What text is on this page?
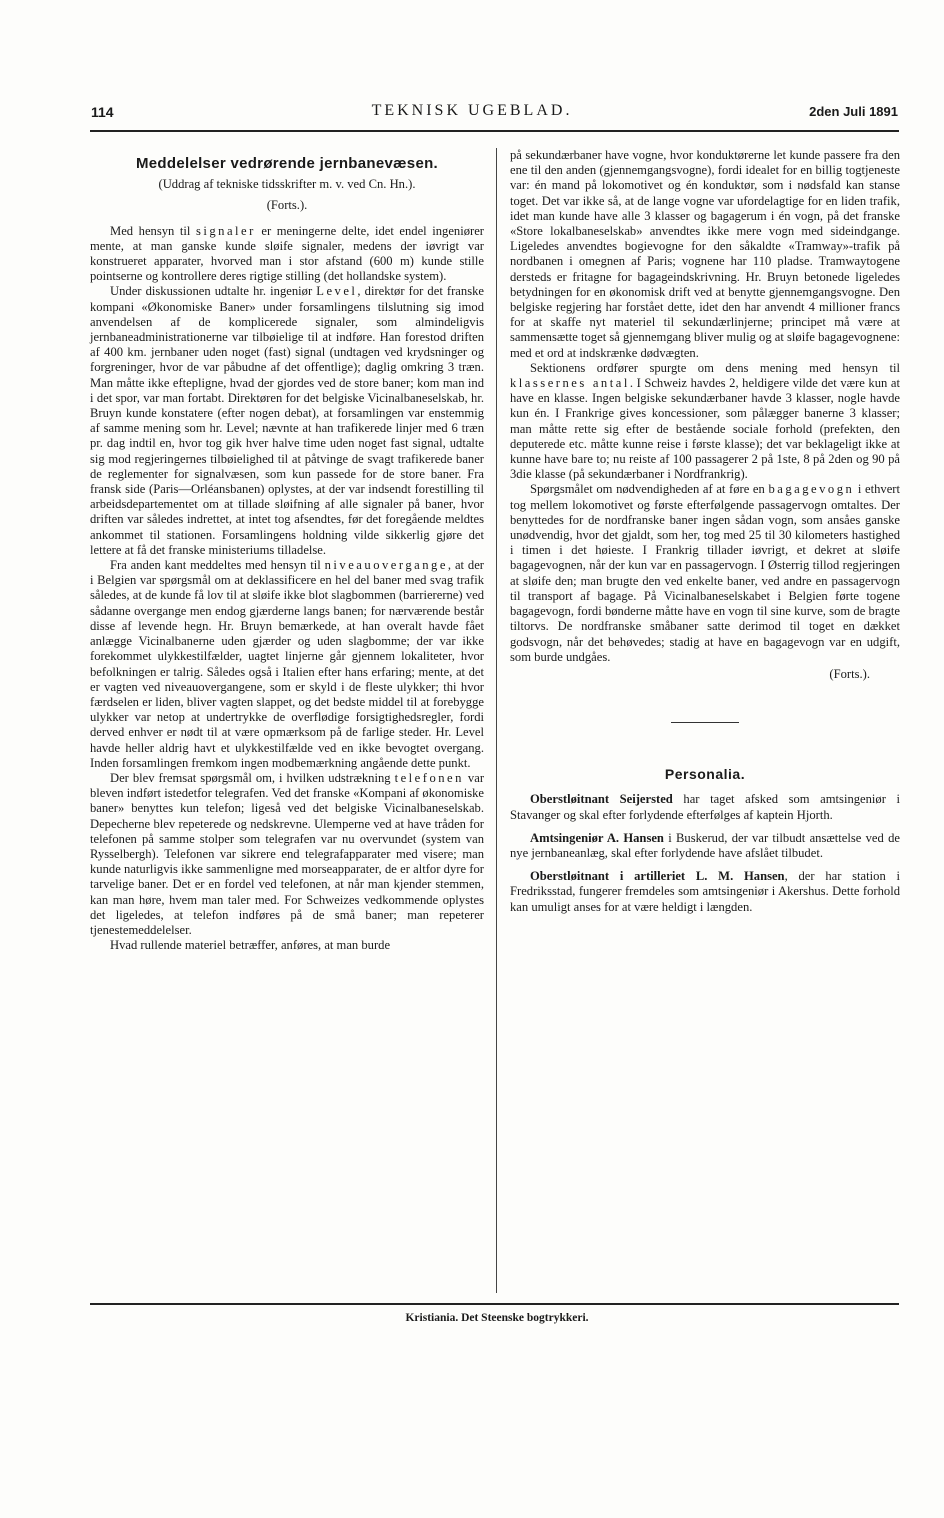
114	TEKNISK UGEBLAD.	2den Juli 1891
Meddelelser vedrørende jernbanevæsen.
(Uddrag af tekniske tidsskrifter m. v. ved Cn. Hn.).
(Forts.).

Med hensyn til signaler er meningerne delte, idet endel ingeniører mente, at man ganske kunde sløife signaler, medens der iøvrigt var konstrueret apparater, hvorved man i stor afstand (600 m) kunde stille pointserne og kontrollere deres rigtige stilling (det hollandske system).

Under diskussionen udtalte hr. ingeniør Level, direktør for det franske kompani «Økonomiske Baner» under forsamlingens tilslutning sig imod anvendelsen af de komplicerede signaler, som almindeligvis jernbaneadministrationerne var tilbøielige til at indføre. Han forestod driften af 400 km. jernbaner uden noget (fast) signal (undtagen ved krydsninger og forgreninger, hvor de var påbudne af det offentlige); daglig omkring 3 træn. Man måtte ikke eftерligne, hvad der gjordes ved de store baner; kom man ind i det spor, var man fortabt. Direktøren for det belgiske Vicinalbaneselskab, hr. Bruyn kunde konstatere (efter nogen debat), at forsamlingen var enstemmig af samme mening som hr. Level; nævnte at han trafikerede linjer med 6 træn pr. dag indtil en, hvor tog gik hver halve time uden noget fast signal, udtalte sig mod regjeringernes tilbøielighed til at påtvinge de svagt trafikerede baner de reglementer for signalvæsen, som kun passede for de store baner. Fra fransk side (Paris—Orléansbanen) oplystes, at der var indsendt forestilling til arbeidsdepartementet om at tillade sløifning af alle signaler på baner, hvor driften var således indrettet, at intet tog afsendtes, før det foregående meldtes ankommet til stationen. Forsamlingens holdning vilde sikkerlig gjøre det lettere at få det franske ministeriums tilladelse.

Fra anden kant meddeltes med hensyn til niveauovergange, at der i Belgien var spørgsmål om at deklassificere en hel del baner med svag trafik således, at de kunde få lov til at sløife ikke blot slagbommen (barriererne) ved sådanne overgange men endog gjærderne langs banen; for nærværende består disse af levende hegn. Hr. Bruyn bemærkede, at han overalt havde fået anlægge Vicinalbanerne uden gjærder og uden slagbomme; der var ikke forekommet ulykkestilfælder, uagtet linjerne går gjennem lokaliteter, hvor befolkningen er talrig. Således også i Italien efter hans erfaring; mente, at det er vagten ved niveauovergangene, som er skyld i de fleste ulykker; thi hvor færdselen er liden, bliver vagten slappet, og det bedste middel til at forebygge ulykker var netop at undertrykke de overflødige forsigtighedsregler, fordi derved enhver er nødt til at være opmærksom på de farlige steder. Hr. Level havde heller aldrig havt et ulykkestilfælde ved en ikke bevogtet overgang. Inden forsamlingen fremkom ingen modbemærkning angående dette punkt.

Der blev fremsat spørgsmål om, i hvilken udstrækning telefonen var bleven indført istedetfor telegrafen. Ved det franske «Kompani af økonomiske baner» benyttes kun telefon; ligeså ved det belgiske Vicinalbaneselskab. Depecherne blev repeterede og nedskrevne. Ulemperne ved at have tråden for telefonen på samme stolper som telegrafen var nu overvundet (system van Rysselbergh). Telefonen var sikrere end telegrafapparater med visere; man kunde naturligvis ikke sammenligne med morseapparater, de er altfor dyre for tarvelige baner. Det er en fordel ved telefonen, at når man kjender stemmen, kan man høre, hvem man taler med. For Schweizes vedkommende oplystes det ligeledes, at telefon indføres på de små baner; man repeterer tjenestemeddelelser.

Hvad rullende materiel betræffer, anføres, at man burde

på sekundærbaner have vogne, hvor konduktørerne let kunde passere fra den ene til den anden (gjennemgangsvogne), fordi idealet for en billig togtjeneste var: én mand på lokomotivet og én konduktør, som i nødsfald kan stanse toget. Det var ikke så, at de lange vogne var ufordelagtige for en liden trafik, idet man kunde have alle 3 klasser og bagagerum i én vogn, på det franske «Store lokalbaneselskab» anvendtes ikke mere vogn med sideindgange. Ligeledes anvendtes bogievogne for den såkaldte «Tramway»-trafik på nordbanen i omegnen af Paris; vognene har 110 pladse. Tramwaytogene dersteds er fritagne for bagageindskrivning. Hr. Bruyn betonede ligeledes betydningen for en økonomisk drift ved at benytte gjennemgangsvogne. Den belgiske regjering har forstået dette, idet den har anvendt 4 millioner francs for at skaffe nyt materiel til sekundærlinjerne; principet må være at sammensætte toget så gjennemgang bliver mulig og at sløife bagagevognene: med et ord at indskrænke dødvægten.

Sektionens ordfører spurgte om dens mening med hensyn til klassernes antal. I Schweiz havdes 2, heldigere vilde det være kun at have en klasse. Ingen belgiske sekundærbaner havde 3 klasser, nogle havde kun én. I Frankrige gives koncessioner, som pålægger banerne 3 klasser; man måtte rette sig efter de bestående sociale forhold (prefekten, den deputerede etc. måtte kunne reise i første klasse); det var beklageligt ikke at kunne have bare to; nu reiste af 100 passagerer 2 på 1ste, 8 på 2den og 90 på 3die klasse (på sekundærbaner i Nordfrankrig).

Spørgsmålet om nødvendigheden af at føre en bagagevogn i ethvert tog mellem lokomotivet og første efterfølgende passagervogn omtaltes. Der benyttedes for de nordfranske baner ingen sådan vogn, som ansåes ganske unødvendig, hvor det gjaldt, som her, tog med 25 til 30 kilometers hastighed i timen i det høieste. I Frankrig tillader iøvrigt, et dekret at sløife bagagevognen, når der kun var en passagervogn. I Østerrig tillod regjeringen at sløife den; man brugte den ved enkelte baner, ved andre en passagervogn til transport af bagage. På Vicinalbaneselskabet i Belgien førte togene bagagevogn, fordi bønderne måtte have en vogn til sine kurve, som de bragte tiltorvs. De nordfranske småbaner satte derimod til toget en dækket godsvogn, når det behøvedes; stadig at have en bagagevogn var en udgift, som burde undgåes.

(Forts.).
Personalia.

Oberstløitnant Seijersted har taget afsked som amtsingeniør i Stavanger og skal efter forlydende efterfølges af kaptein Hjorth.

Amtsingeniør A. Hansen i Buskerud, der var tilbudt ansættelse ved de nye jernbaneanlæg, skal efter forlydende have afslået tilbudet.

Oberstløitnant i artilleriet L. M. Hansen, der har station i Fredriksstad, fungerer fremdeles som amtsingeniør i Akershus. Dette forhold kan umuligt anses for at være heldigt i længden.

Kristiania. Det Steenske bogtrykkeri.
